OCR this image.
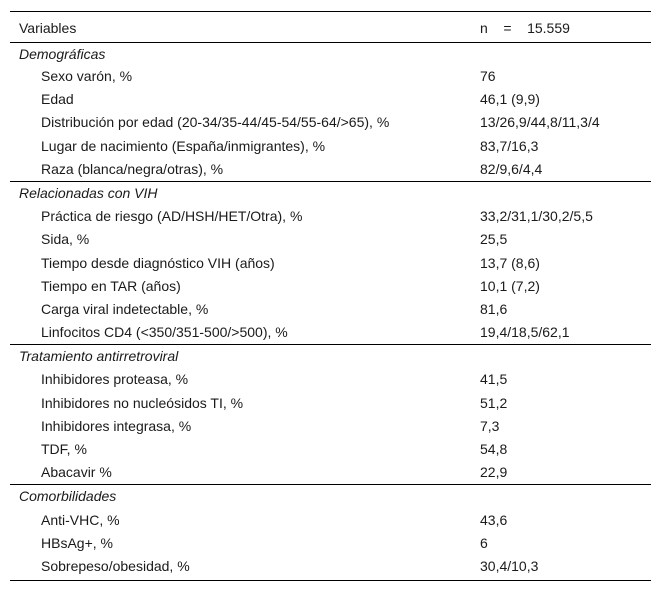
Variables	n    =    15.559
Demográficas
Sexo varón, %	76
Edad	46,1 (9,9)
Distribución por edad (20-34/35-44/45-54/55-64/>65), %	13/26,9/44,8/11,3/4
Lugar de nacimiento (España/inmigrantes), %	83,7/16,3
Raza (blanca/negra/otras), %	82/9,6/4,4
Relacionadas con VIH
Práctica de riesgo (AD/HSH/HET/Otra), %	33,2/31,1/30,2/5,5
Sida, %	25,5
Tiempo desde diagnóstico VIH (años)	13,7 (8,6)
Tiempo en TAR (años)	10,1 (7,2)
Carga viral indetectable, %	81,6
Linfocitos CD4 (<350/351-500/>500), %	19,4/18,5/62,1
Tratamiento antirretroviral
Inhibidores proteasa, %	41,5
Inhibidores no nucleósidos TI, %	51,2
Inhibidores integrasa, %	7,3
TDF, %	54,8
Abacavir %	22,9
Comorbilidades
Anti-VHC, %	43,6
HBsAg+, %	6
Sobrepeso/obesidad, %	30,4/10,3
